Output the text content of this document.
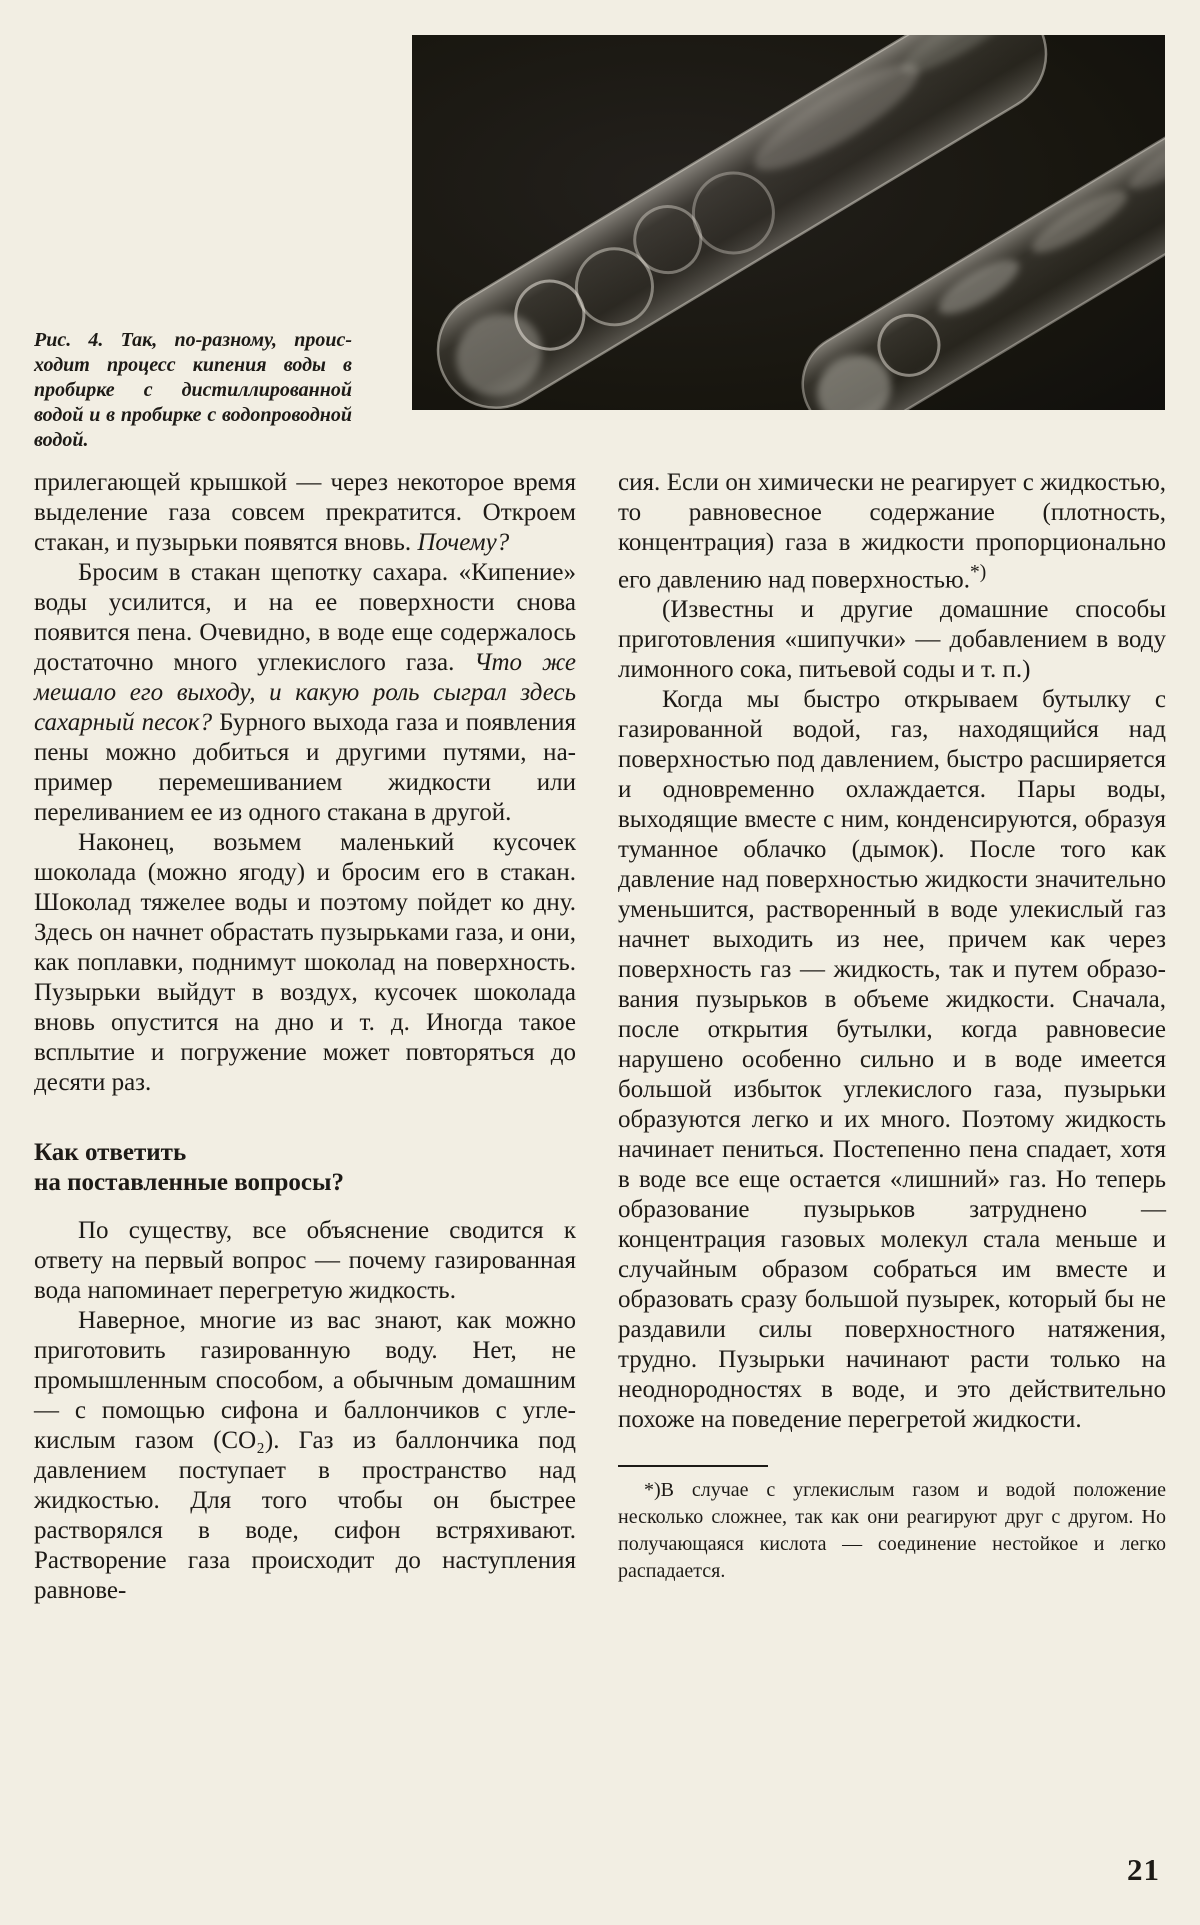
Рис. 4. Так, по-разному, происходит процесс кипения воды в пробирке с дистиллированной водой и в пробирке с водопроводной водой.

прилегающей крышкой — через некоторое время выделение газа совсем прекратится. Откроем стакан, и пузырьки появятся вновь. Почему?

Бросим в стакан щепотку сахара. «Кипение» воды усилится, и на ее поверхности снова появится пена. Очевидно, в воде еще содержалось достаточно много углекислого газа. Что же мешало его выходу, и какую роль сыграл здесь сахарный песок? Бурного выхода газа и появления пены можно добиться и другими путями, например перемешиванием жидкости или переливанием ее из одного стакана в другой.

Наконец, возьмем маленький кусочек шоколада (можно ягоду) и бросим его в стакан. Шоколад тяжелее воды и поэтому пойдет ко дну. Здесь он начнет обрастать пузырьками газа, и они, как поплавки, поднимут шоколад на поверхность. Пузырьки выйдут в воздух, кусочек шоколада вновь опустится на дно и т. д. Иногда такое всплытие и погружение может повторяться до десяти раз.

Как ответить
на поставленные вопросы?

По существу, все объяснение сводится к ответу на первый вопрос — почему газированная вода напоминает перегретую жидкость.

Наверное, многие из вас знают, как можно приготовить газированную воду. Нет, не промышленным способом, а обычным домашним — с помощью сифона и баллончиков с углекислым газом (СО₂). Газ из баллончика под давлением поступает в пространство над жидкостью. Для того чтобы он быстрее растворялся в воде, сифон встряхивают. Растворение газа происходит до наступления равнове-

сия. Если он химически не реагирует с жидкостью, то равновесное содержание (плотность, концентрация) газа в жидкости пропорционально его давлению над поверхностью.*)

(Известны и другие домашние способы приготовления «шипучки» — добавлением в воду лимонного сока, питьевой соды и т. п.)

Когда мы быстро открываем бутылку с газированной водой, газ, находящийся над поверхностью под давлением, быстро расширяется и одновременно охлаждается. Пары воды, выходящие вместе с ним, конденсируются, образуя туманное облачко (дымок). После того как давление над поверхностью жидкости значительно уменьшится, растворенный в воде улекислый газ начнет выходить из нее, причем как через поверхность газ — жидкость, так и путем образования пузырьков в объеме жидкости. Сначала, после открытия бутылки, когда равновесие нарушено особенно сильно и в воде имеется большой избыток углекислого газа, пузырьки образуются легко и их много. Поэтому жидкость начинает пениться. Постепенно пена спадает, хотя в воде все еще остается «лишний» газ. Но теперь образование пузырьков затруднено — концентрация газовых молекул стала меньше и случайным образом собраться им вместе и образовать сразу большой пузырек, который бы не раздавили силы поверхностного натяжения, трудно. Пузырьки начинают расти только на неоднородностях в воде, и это действительно похоже на поведение перегретой жидкости.

*)В случае с углекислым газом и водой положение несколько сложнее, так как они реагируют друг с другом. Но получающаяся кислота — соединение нестойкое и легко распадается.

21
